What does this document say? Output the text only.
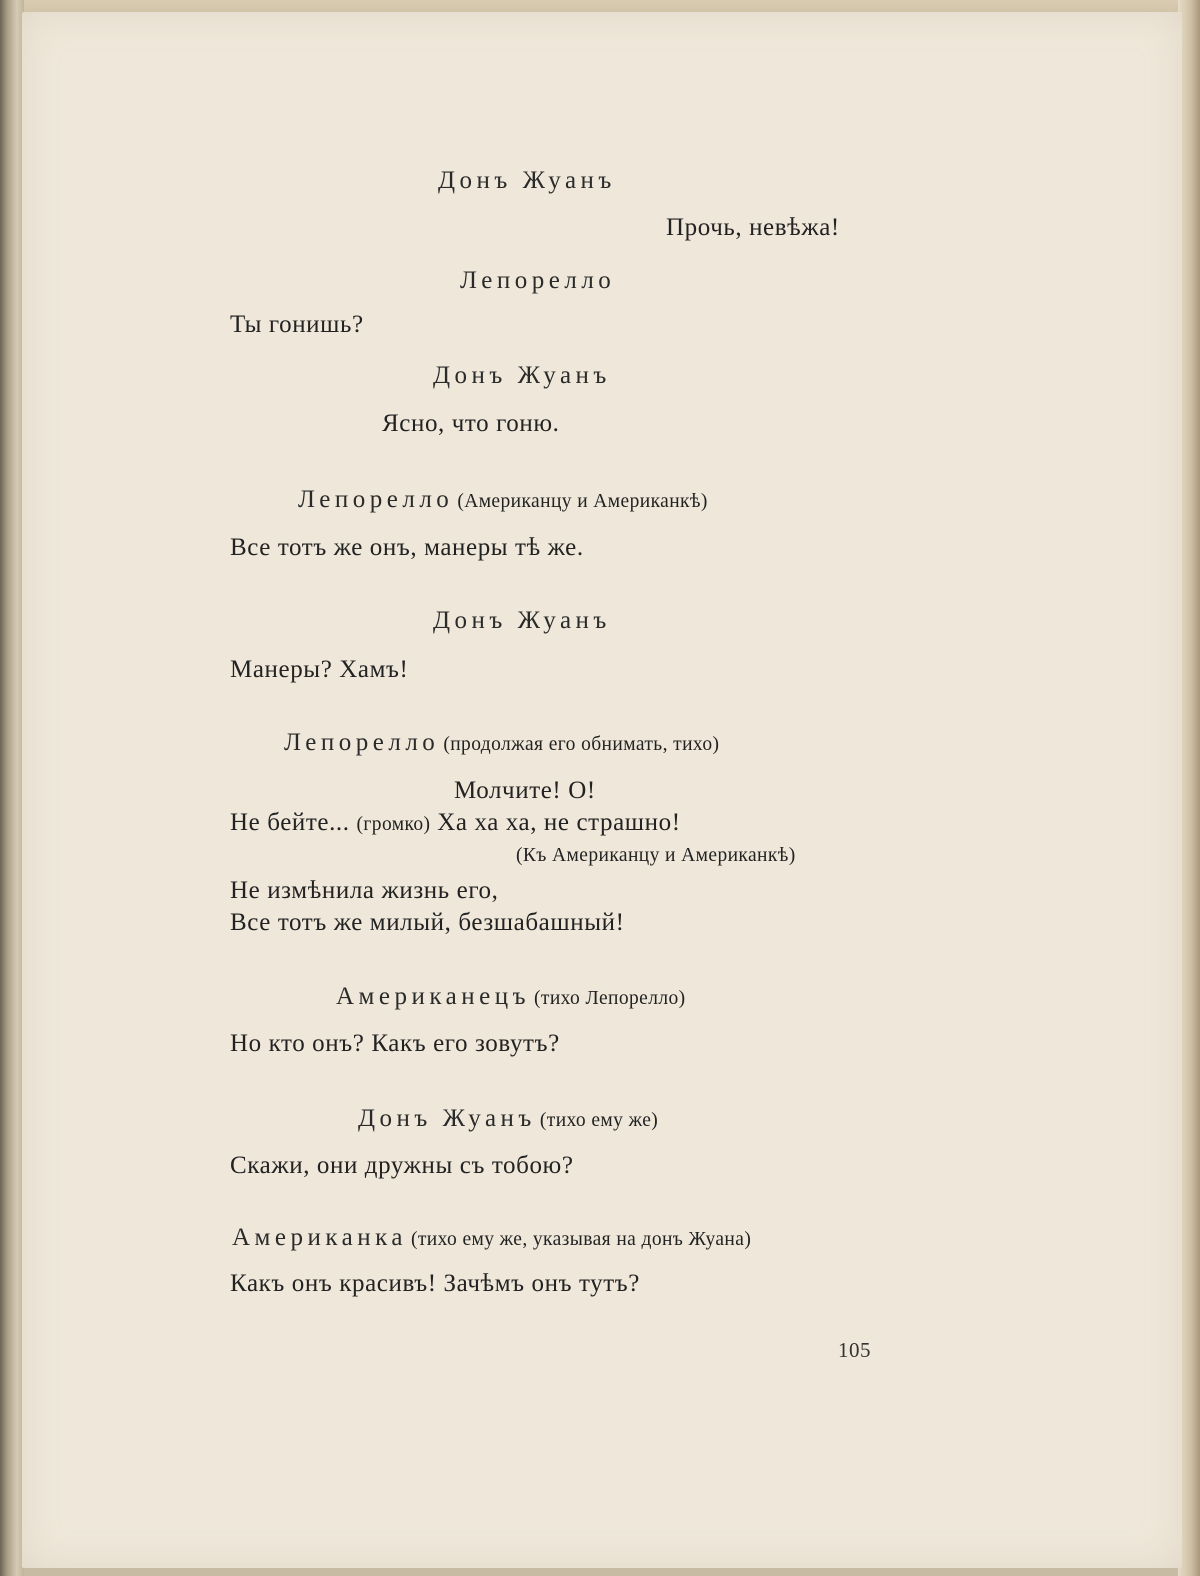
Донъ Жуанъ
Прочь, невѣжа!
Лепорелло
Ты гонишь?
Донъ Жуанъ
Ясно, что гоню.
Лепорелло (Американцу и Американкѣ)
Все тотъ же онъ, манеры тѣ же.
Донъ Жуанъ
Манеры? Хамъ!
Лепорелло (продолжая его обнимать, тихо)
Молчите! О!
Не бейте... (громко) Ха ха ха, не страшно!
(Къ Американцу и Американкѣ)
Не измѣнила жизнь его,
Все тотъ же милый, безшабашный!
Американецъ (тихо Лепорелло)
Но кто онъ? Какъ его зовутъ?
Донъ Жуанъ (тихо ему же)
Скажи, они дружны съ тобою?
Американка (тихо ему же, указывая на донъ Жуана)
Какъ онъ красивъ! Зачѣмъ онъ тутъ?
105
